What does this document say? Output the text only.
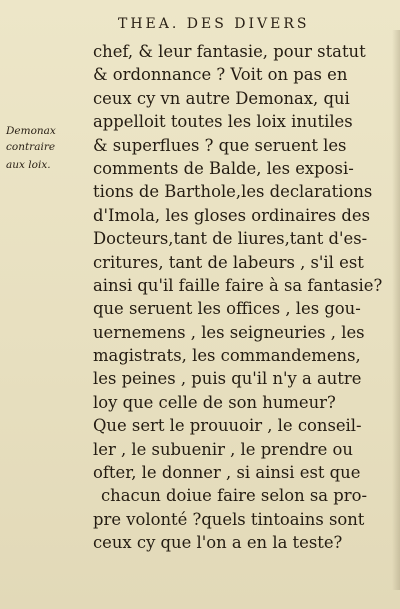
THEA. DES DIVERS
Demonax
contraire
aux loix.
chef, & leur fantasie, pour statut
& ordonnance ? Voit on pas en
ceux cy vn autre Demonax, qui
appelloit toutes les loix inutiles
& superflues ? que seruent les
comments de Balde, les exposi-
tions de Barthole,les declarations
d'Imola, les gloses ordinaires des
Docteurs,tant de liures,tant d'es-
critures, tant de labeurs , s'il est
ainsi qu'il faille faire à sa fantasie?
que seruent les offices , les gou-
uernemens , les seigneuries , les
magistrats, les commandemens,
les peines , puis qu'il n'y a autre
loy que celle de son humeur?
Que sert le prouuoir , le conseil-
ler , le subuenir , le prendre ou
ofter, le donner , si ainsi est que
chacun doiue faire selon sa pro-
pre volonté ?quels tintoains sont
ceux cy que l'on a en la teste?
